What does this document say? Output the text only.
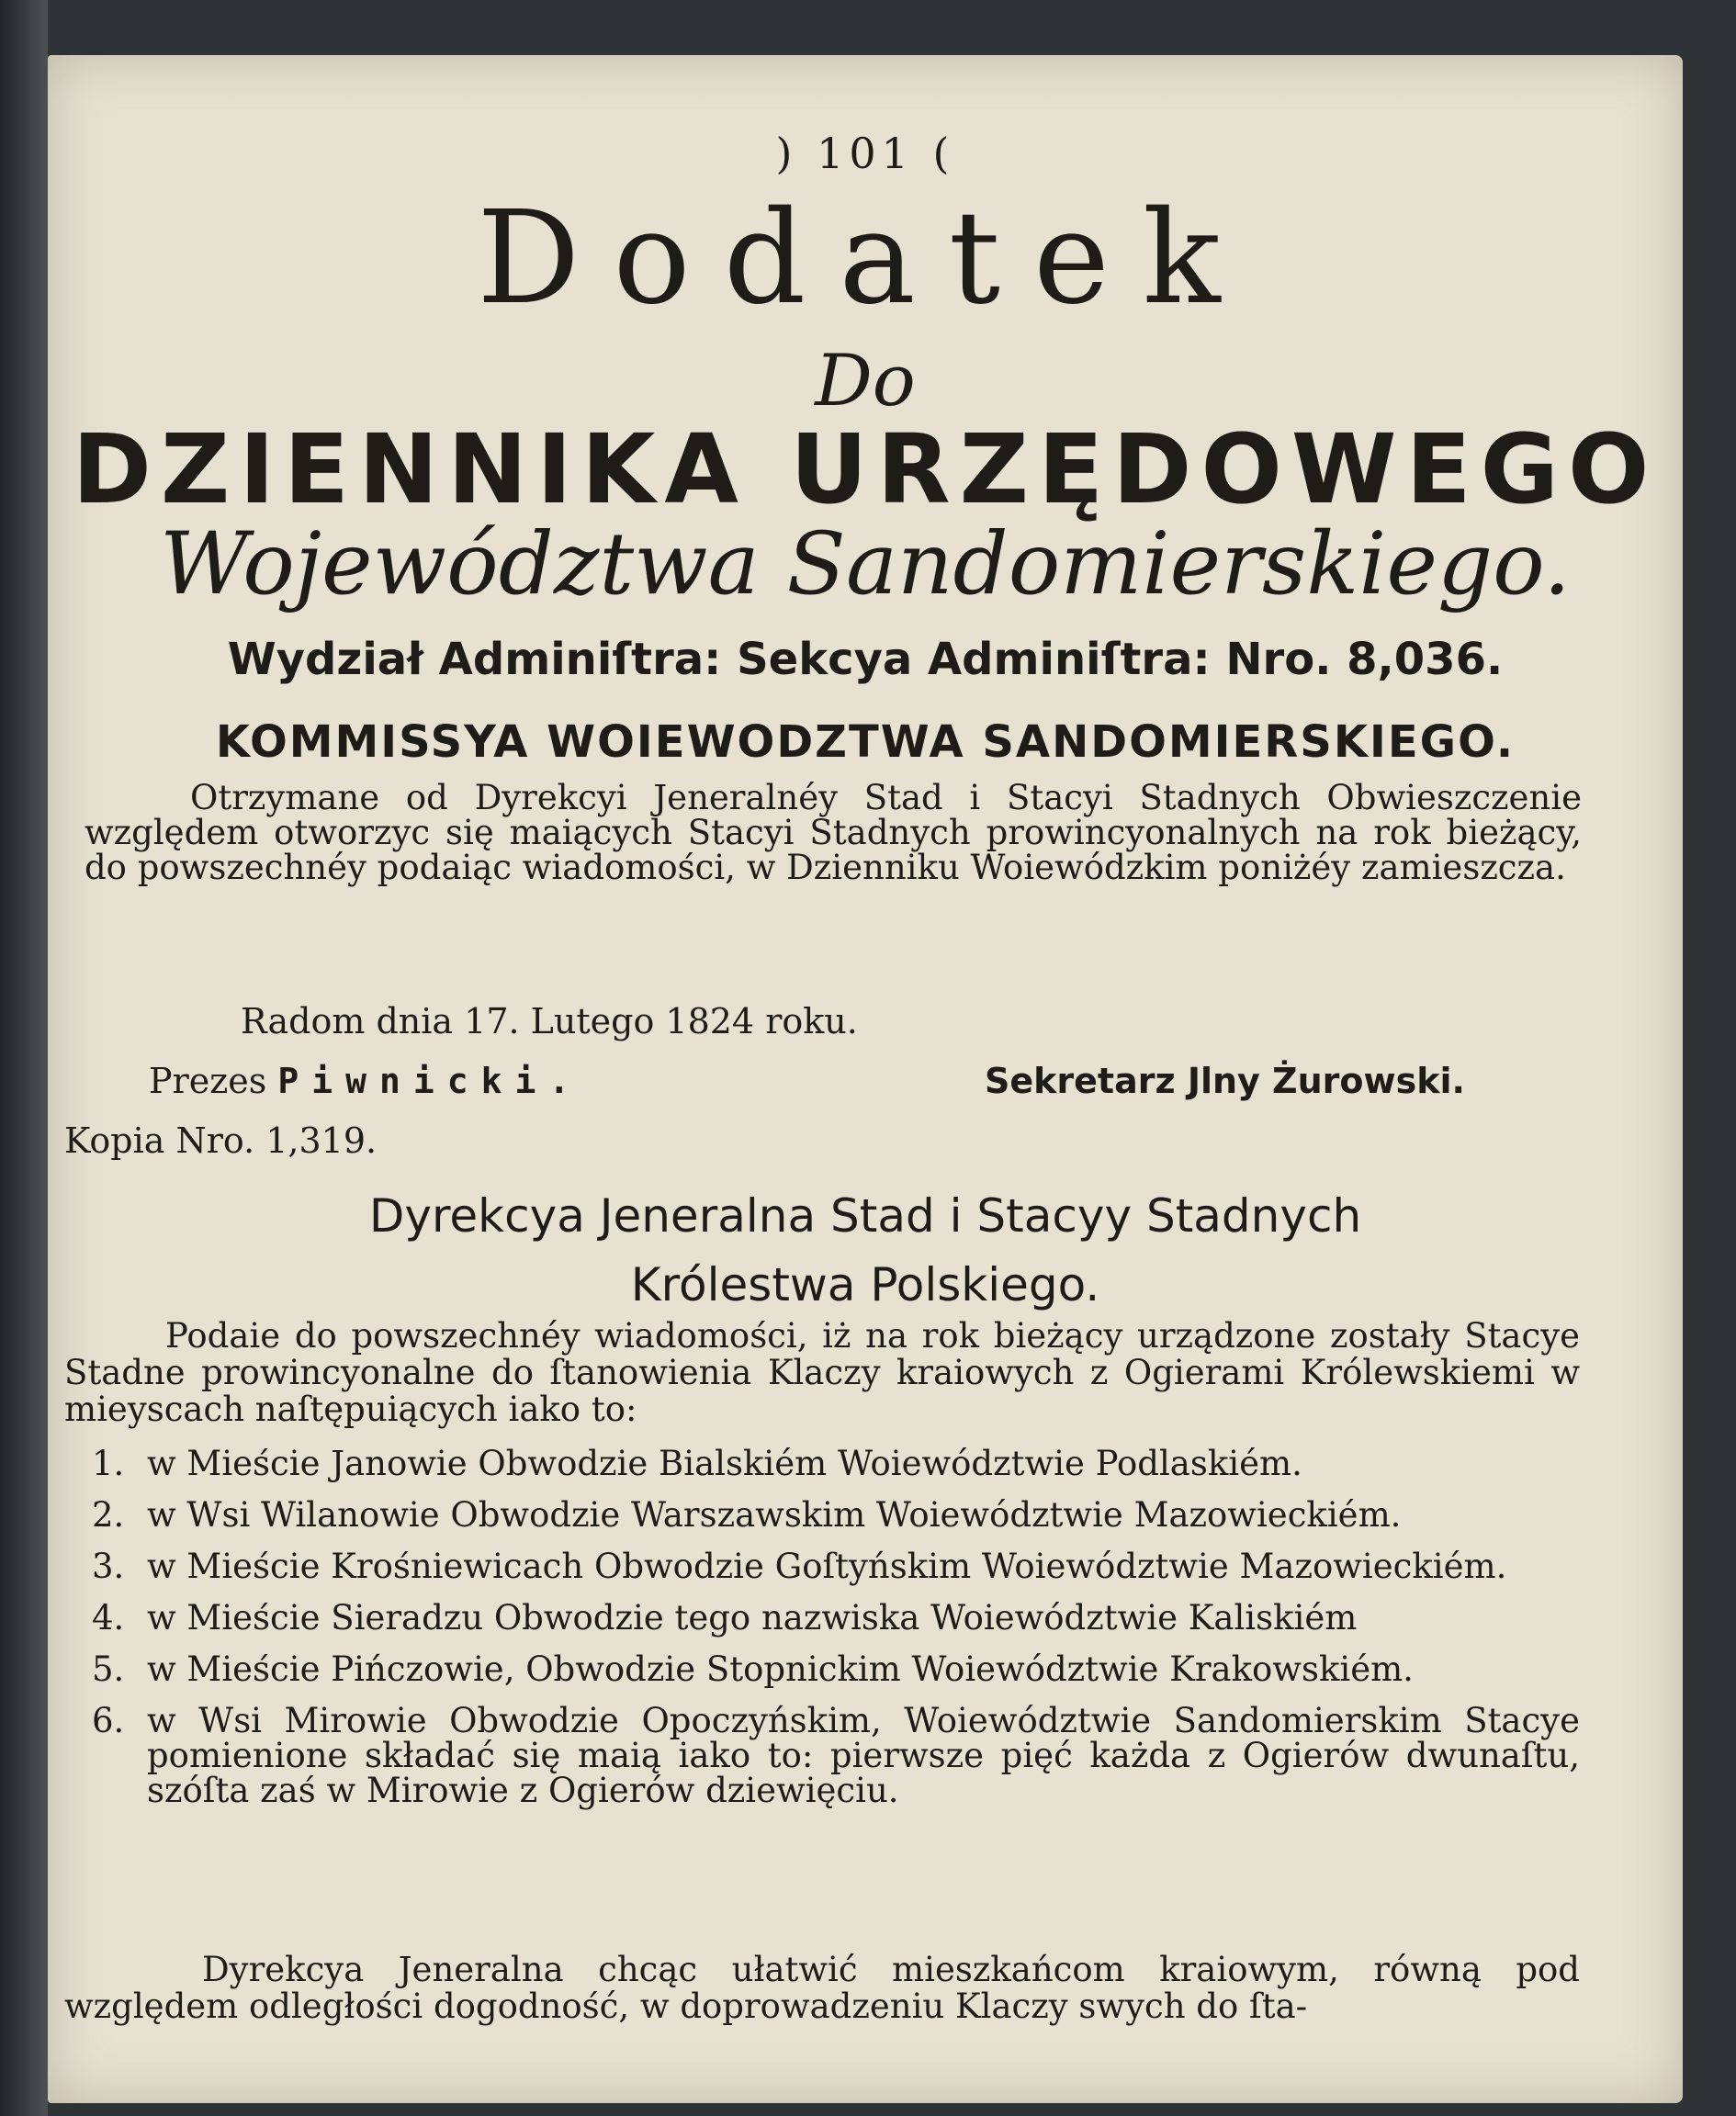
) 101 (
Dodatek
Do
DZIENNIKA URZĘDOWEGO
Województwa Sandomierskiego.
Wydział Adminiſtra: Sekcya Adminiſtra: Nro. 8,036.
KOMMISSYA WOIEWODZTWA SANDOMIERSKIEGO.
Otrzymane od Dyrekcyi Jeneralnéy Stad i Stacyi Stadnych Obwieszczenie względem otworzyc się maiących Stacyi Stadnych prowincyonalnych na rok bieżący, do powszechnéy podaiąc wiadomości, w Dzienniku Woiewódzkim poniżéy zamieszcza.
Radom dnia 17. Lutego 1824 roku.
Prezes Piwnicki.	Sekretarz Jlny Żurowski.
Kopia Nro. 1,319.
Dyrekcya Jeneralna Stad i Stacyy Stadnych
Królestwa Polskiego.
Podaie do powszechnéy wiadomości, iż na rok bieżący urządzone zostały Stacye Stadne prowincyonalne do ſtanowienia Klaczy kraiowych z Ogierami Królewskiemi w mieyscach naſtępuiących iako to:
1. w Mieście Janowie Obwodzie Bialskiém Woiewództwie Podlaskiém.
2. w Wsi Wilanowie Obwodzie Warszawskim Woiewództwie Mazowieckiém.
3. w Mieście Krośniewicach Obwodzie Goſtyńskim Woiewództwie Mazowieckiém.
4. w Mieście Sieradzu Obwodzie tego nazwiska Woiewództwie Kaliskiém
5. w Mieście Pińczowie, Obwodzie Stopnickim Woiewództwie Krakowskiém.
6. w Wsi Mirowie Obwodzie Opoczyńskim, Woiewództwie Sandomierskim Stacye pomienione składać się maią iako to: pierwsze pięć każda z Ogierów dwunaſtu, szóſta zaś w Mirowie z Ogierów dziewięciu.
Dyrekcya Jeneralna chcąc ułatwić mieszkańcom kraiowym, równą pod względem odległości dogodność, w doprowadzeniu Klaczy swych do ſta-
